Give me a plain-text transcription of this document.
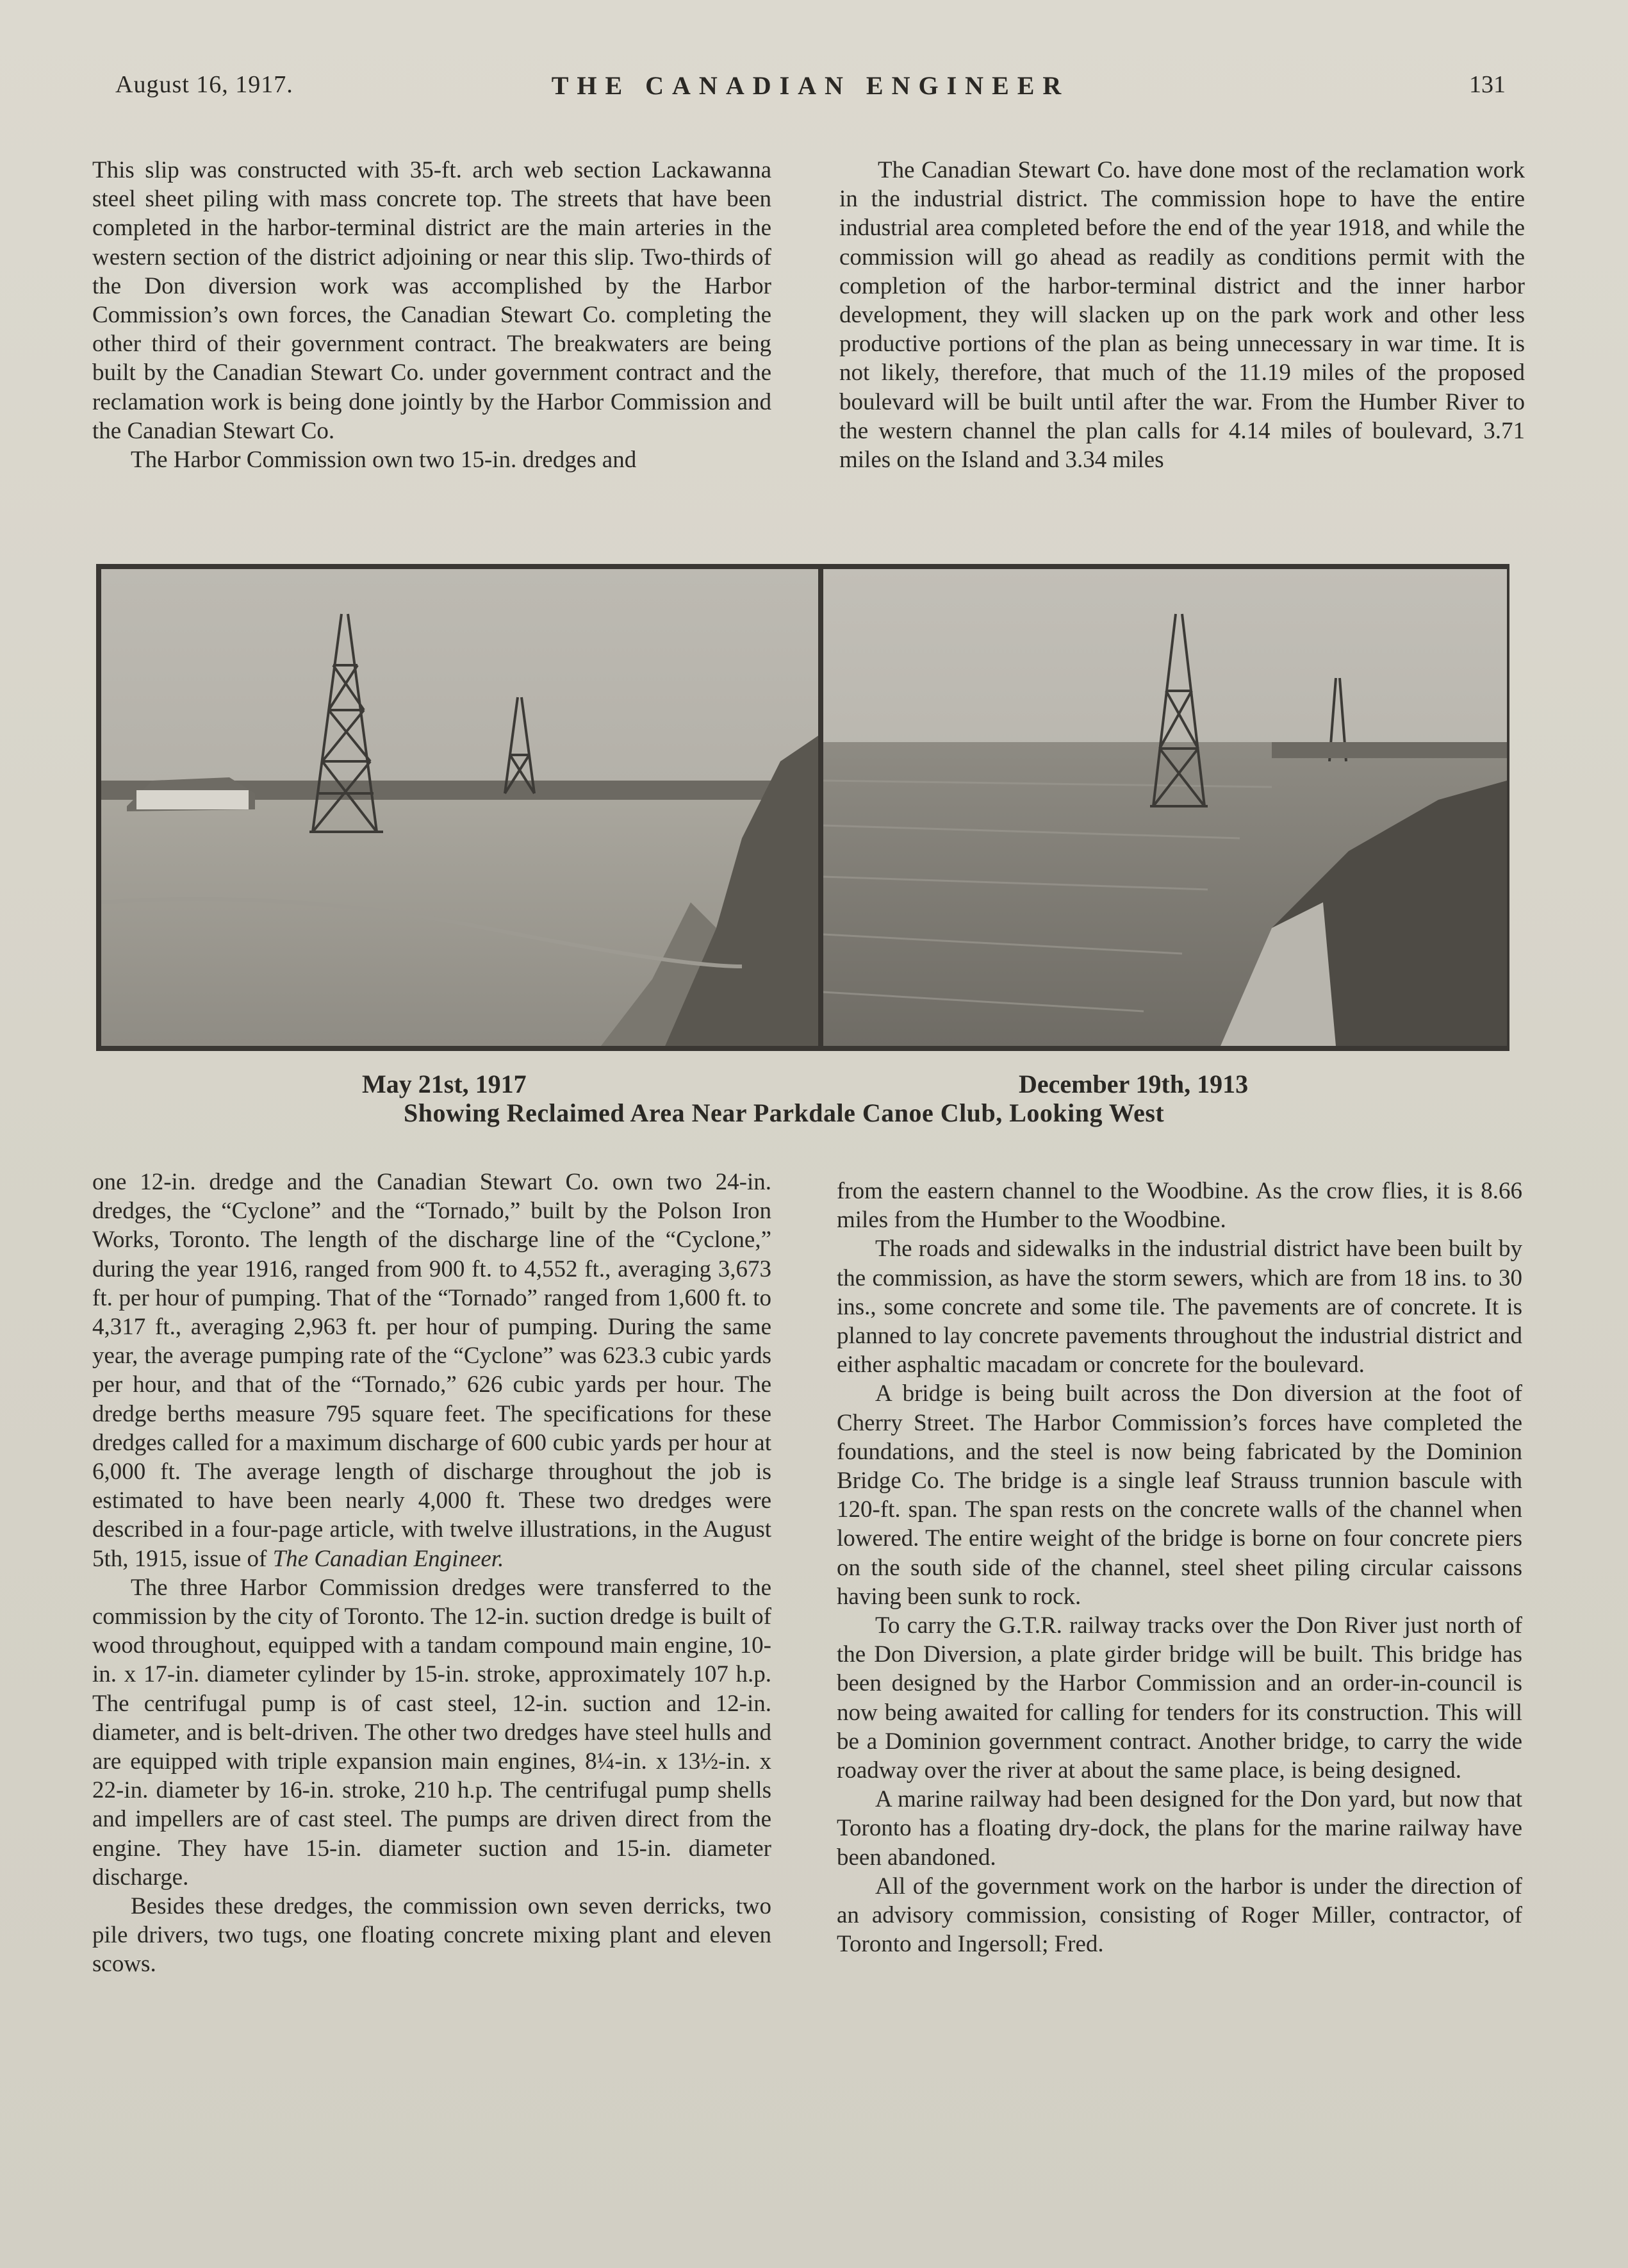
August 16, 1917.	THE CANADIAN ENGINEER	131

This slip was constructed with 35-ft. arch web section Lackawanna steel sheet piling with mass concrete top. The streets that have been completed in the harbor-terminal district are the main arteries in the western section of the district adjoining or near this slip. Two-thirds of the Don diversion work was accomplished by the Harbor Commission’s own forces, the Canadian Stewart Co. completing the other third of their government contract. The breakwaters are being built by the Canadian Stewart Co. under government contract and the reclamation work is being done jointly by the Harbor Commission and the Canadian Stewart Co.

The Harbor Commission own two 15-in. dredges and

The Canadian Stewart Co. have done most of the reclamation work in the industrial district. The commission hope to have the entire industrial area completed before the end of the year 1918, and while the commission will go ahead as readily as conditions permit with the completion of the harbor-terminal district and the inner harbor development, they will slacken up on the park work and other less productive portions of the plan as being unnecessary in war time. It is not likely, therefore, that much of the 11.19 miles of the proposed boulevard will be built until after the war. From the Humber River to the western channel the plan calls for 4.14 miles of boulevard, 3.71 miles on the Island and 3.34 miles

May 21st, 1917	December 19th, 1913
Showing Reclaimed Area Near Parkdale Canoe Club, Looking West

one 12-in. dredge and the Canadian Stewart Co. own two 24-in. dredges, the “Cyclone” and the “Tornado,” built by the Polson Iron Works, Toronto. The length of the discharge line of the “Cyclone,” during the year 1916, ranged from 900 ft. to 4,552 ft., averaging 3,673 ft. per hour of pumping. That of the “Tornado” ranged from 1,600 ft. to 4,317 ft., averaging 2,963 ft. per hour of pumping. During the same year, the average pumping rate of the “Cyclone” was 623.3 cubic yards per hour, and that of the “Tornado,” 626 cubic yards per hour. The dredge berths measure 795 square feet. The specifications for these dredges called for a maximum discharge of 600 cubic yards per hour at 6,000 ft. The average length of discharge throughout the job is estimated to have been nearly 4,000 ft. These two dredges were described in a four-page article, with twelve illustrations, in the August 5th, 1915, issue of The Canadian Engineer.

The three Harbor Commission dredges were transferred to the commission by the city of Toronto. The 12-in. suction dredge is built of wood throughout, equipped with a tandam compound main engine, 10-in. x 17-in. diameter cylinder by 15-in. stroke, approximately 107 h.p. The centrifugal pump is of cast steel, 12-in. suction and 12-in. diameter, and is belt-driven. The other two dredges have steel hulls and are equipped with triple expansion main engines, 8¼-in. x 13½-in. x 22-in. diameter by 16-in. stroke, 210 h.p. The centrifugal pump shells and impellers are of cast steel. The pumps are driven direct from the engine. They have 15-in. diameter suction and 15-in. diameter discharge.

Besides these dredges, the commission own seven derricks, two pile drivers, two tugs, one floating concrete mixing plant and eleven scows.

from the eastern channel to the Woodbine. As the crow flies, it is 8.66 miles from the Humber to the Woodbine.

The roads and sidewalks in the industrial district have been built by the commission, as have the storm sewers, which are from 18 ins. to 30 ins., some concrete and some tile. The pavements are of concrete. It is planned to lay concrete pavements throughout the industrial district and either asphaltic macadam or concrete for the boulevard.

A bridge is being built across the Don diversion at the foot of Cherry Street. The Harbor Commission’s forces have completed the foundations, and the steel is now being fabricated by the Dominion Bridge Co. The bridge is a single leaf Strauss trunnion bascule with 120-ft. span. The span rests on the concrete walls of the channel when lowered. The entire weight of the bridge is borne on four concrete piers on the south side of the channel, steel sheet piling circular caissons having been sunk to rock.

To carry the G.T.R. railway tracks over the Don River just north of the Don Diversion, a plate girder bridge will be built. This bridge has been designed by the Harbor Commission and an order-in-council is now being awaited for calling for tenders for its construction. This will be a Dominion government contract. Another bridge, to carry the wide roadway over the river at about the same place, is being designed.

A marine railway had been designed for the Don yard, but now that Toronto has a floating dry-dock, the plans for the marine railway have been abandoned.

All of the government work on the harbor is under the direction of an advisory commission, consisting of Roger Miller, contractor, of Toronto and Ingersoll; Fred.
